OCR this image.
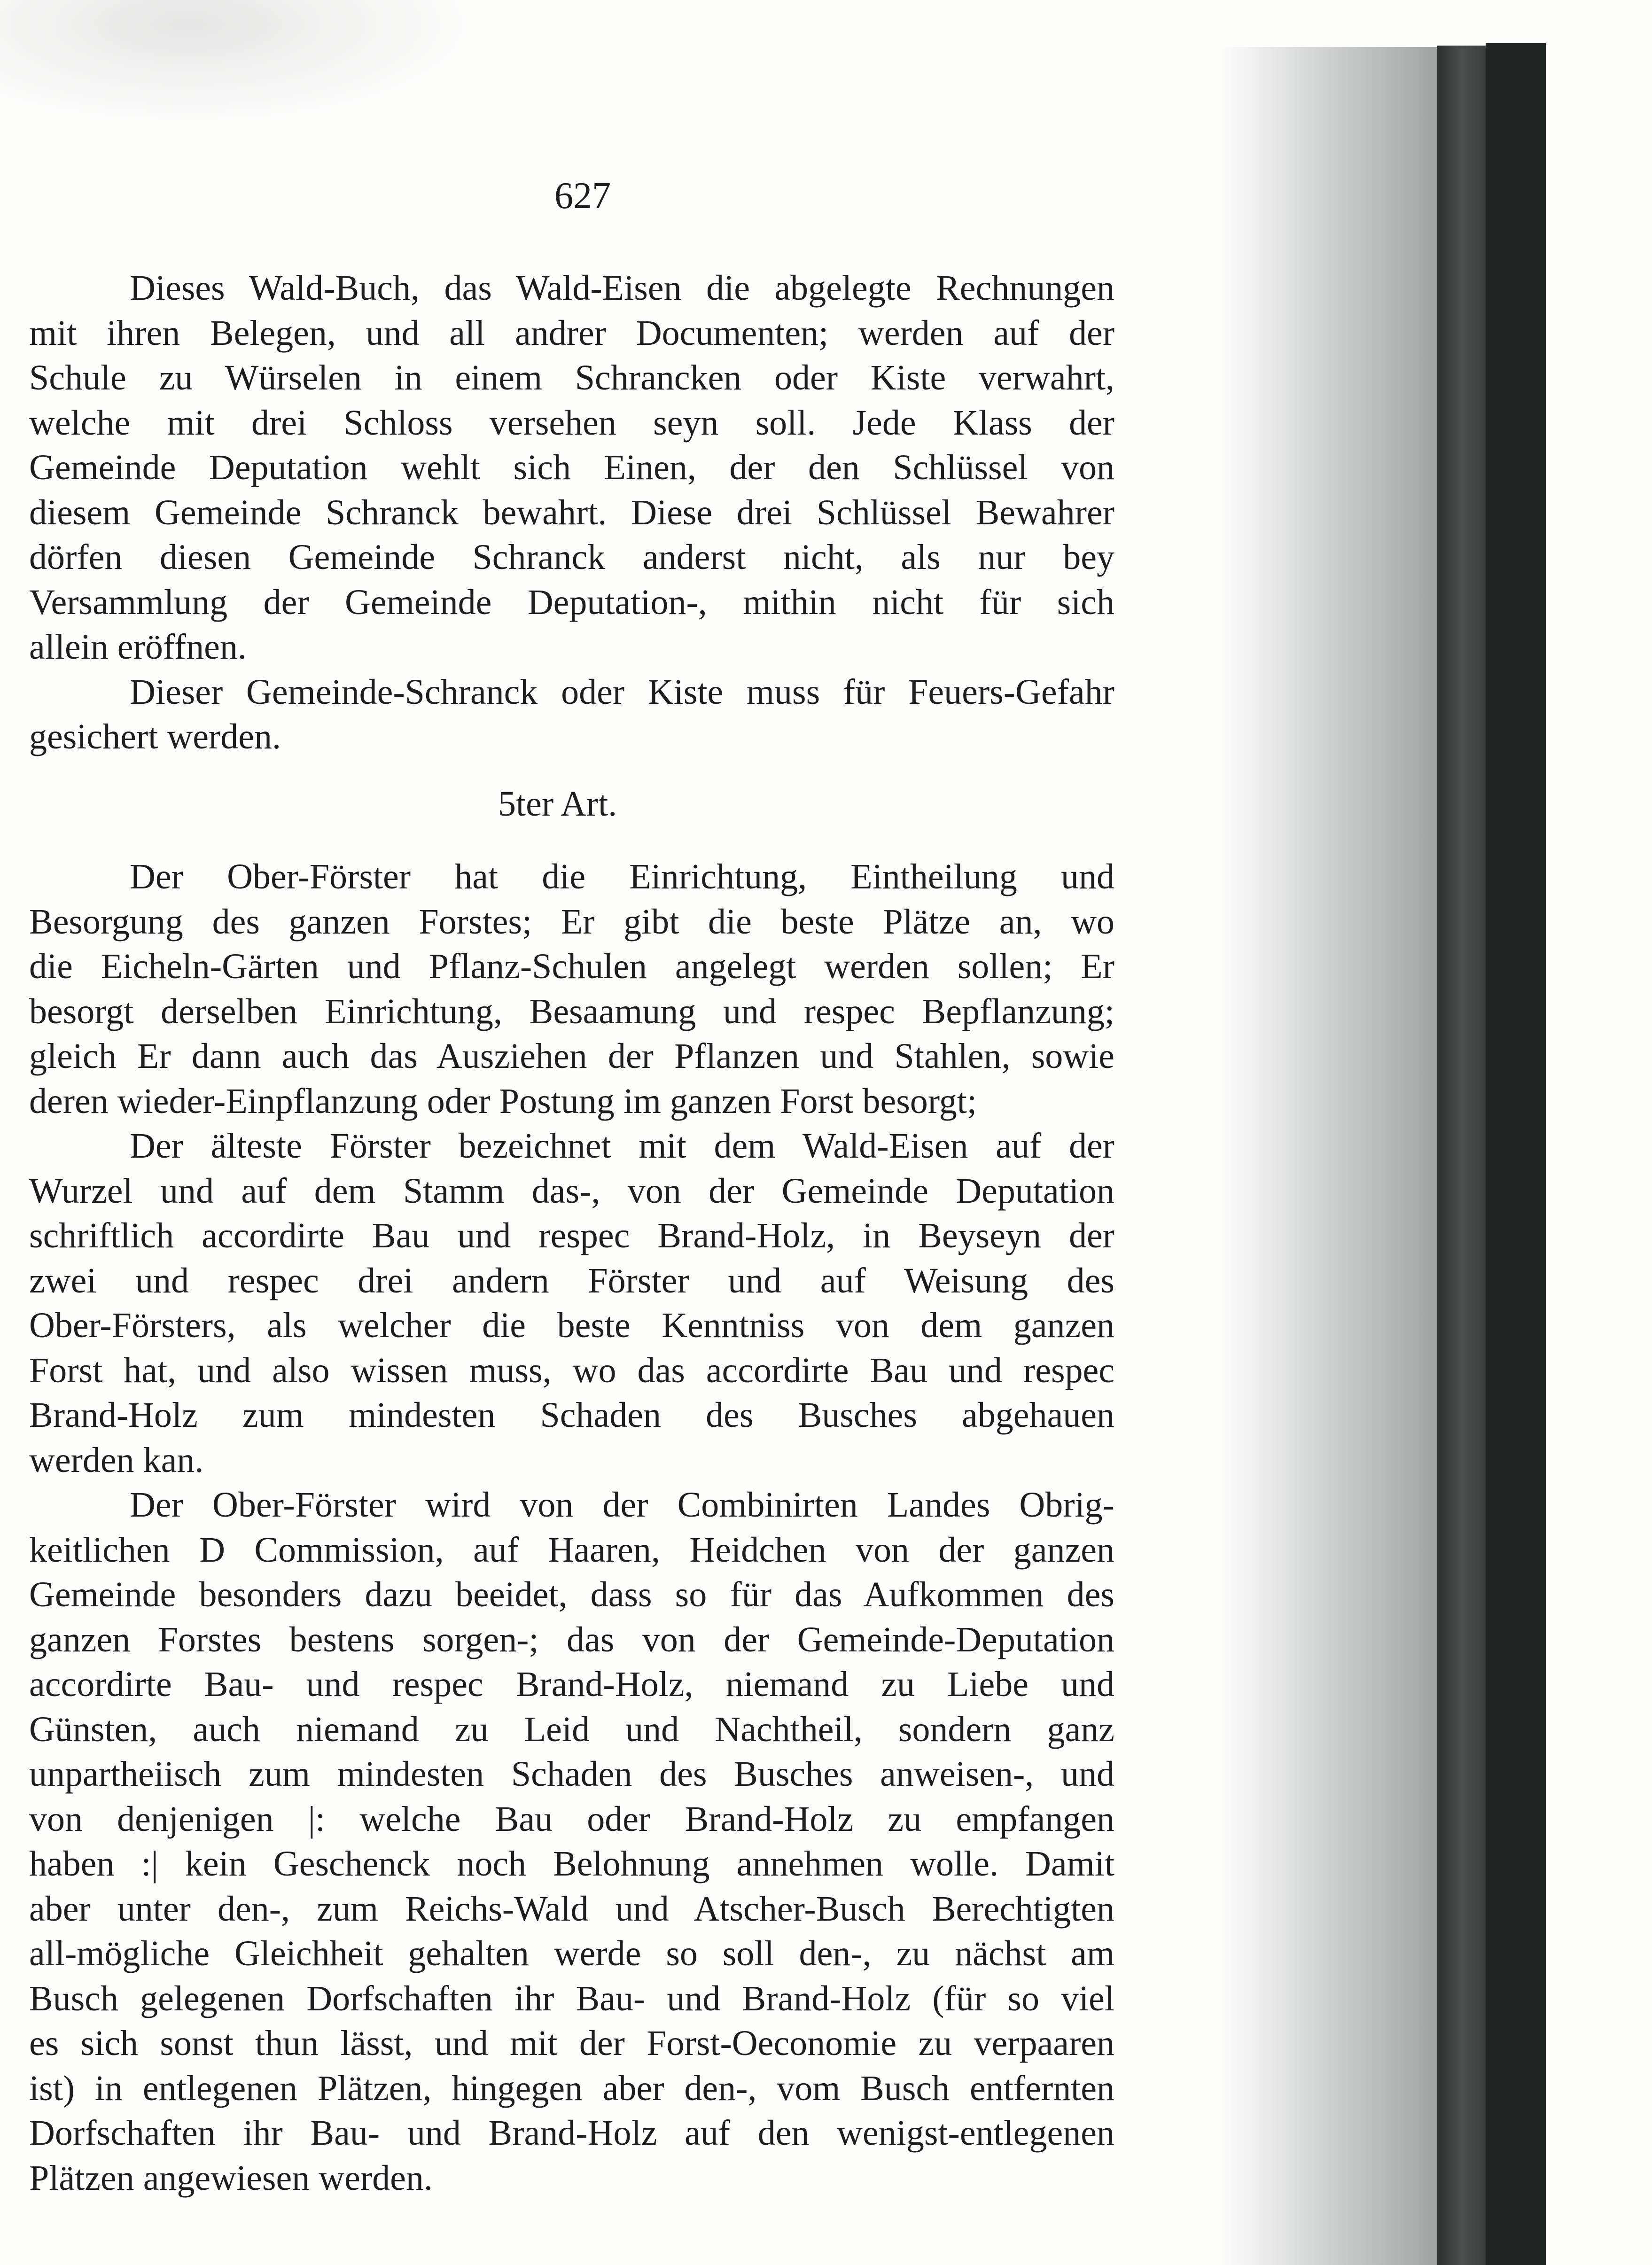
627
Dieses Wald-Buch, das Wald-Eisen die abgelegte Rechnungen
mit ihren Belegen, und all andrer Documenten; werden auf der
Schule zu Würselen in einem Schrancken oder Kiste verwahrt,
welche mit drei Schloss versehen seyn soll. Jede Klass der
Gemeinde Deputation wehlt sich Einen, der den Schlüssel von
diesem Gemeinde Schranck bewahrt. Diese drei Schlüssel Bewahrer
dörfen diesen Gemeinde Schranck anderst nicht, als nur bey
Versammlung der Gemeinde Deputation-, mithin nicht für sich
allein eröffnen.
Dieser Gemeinde-Schranck oder Kiste muss für Feuers-Gefahr
gesichert werden.
5ter Art.
Der Ober-Förster hat die Einrichtung, Eintheilung und
Besorgung des ganzen Forstes; Er gibt die beste Plätze an, wo
die Eicheln-Gärten und Pflanz-Schulen angelegt werden sollen; Er
besorgt derselben Einrichtung, Besaamung und respec Bepflanzung;
gleich Er dann auch das Ausziehen der Pflanzen und Stahlen, sowie
deren wieder-Einpflanzung oder Postung im ganzen Forst besorgt;
Der älteste Förster bezeichnet mit dem Wald-Eisen auf der
Wurzel und auf dem Stamm das-, von der Gemeinde Deputation
schriftlich accordirte Bau und respec Brand-Holz, in Beyseyn der
zwei und respec drei andern Förster und auf Weisung des
Ober-Försters, als welcher die beste Kenntniss von dem ganzen
Forst hat, und also wissen muss, wo das accordirte Bau und respec
Brand-Holz zum mindesten Schaden des Busches abgehauen
werden kan.
Der Ober-Förster wird von der Combinirten Landes Obrig-
keitlichen D Commission, auf Haaren, Heidchen von der ganzen
Gemeinde besonders dazu beeidet, dass so für das Aufkommen des
ganzen Forstes bestens sorgen-; das von der Gemeinde-Deputation
accordirte Bau- und respec Brand-Holz, niemand zu Liebe und
Günsten, auch niemand zu Leid und Nachtheil, sondern ganz
unpartheiisch zum mindesten Schaden des Busches anweisen-, und
von denjenigen |: welche Bau oder Brand-Holz zu empfangen
haben :| kein Geschenck noch Belohnung annehmen wolle. Damit
aber unter den-, zum Reichs-Wald und Atscher-Busch Berechtigten
all-mögliche Gleichheit gehalten werde so soll den-, zu nächst am
Busch gelegenen Dorfschaften ihr Bau- und Brand-Holz (für so viel
es sich sonst thun lässt, und mit der Forst-Oeconomie zu verpaaren
ist) in entlegenen Plätzen, hingegen aber den-, vom Busch entfernten
Dorfschaften ihr Bau- und Brand-Holz auf den wenigst-entlegenen
Plätzen angewiesen werden.
